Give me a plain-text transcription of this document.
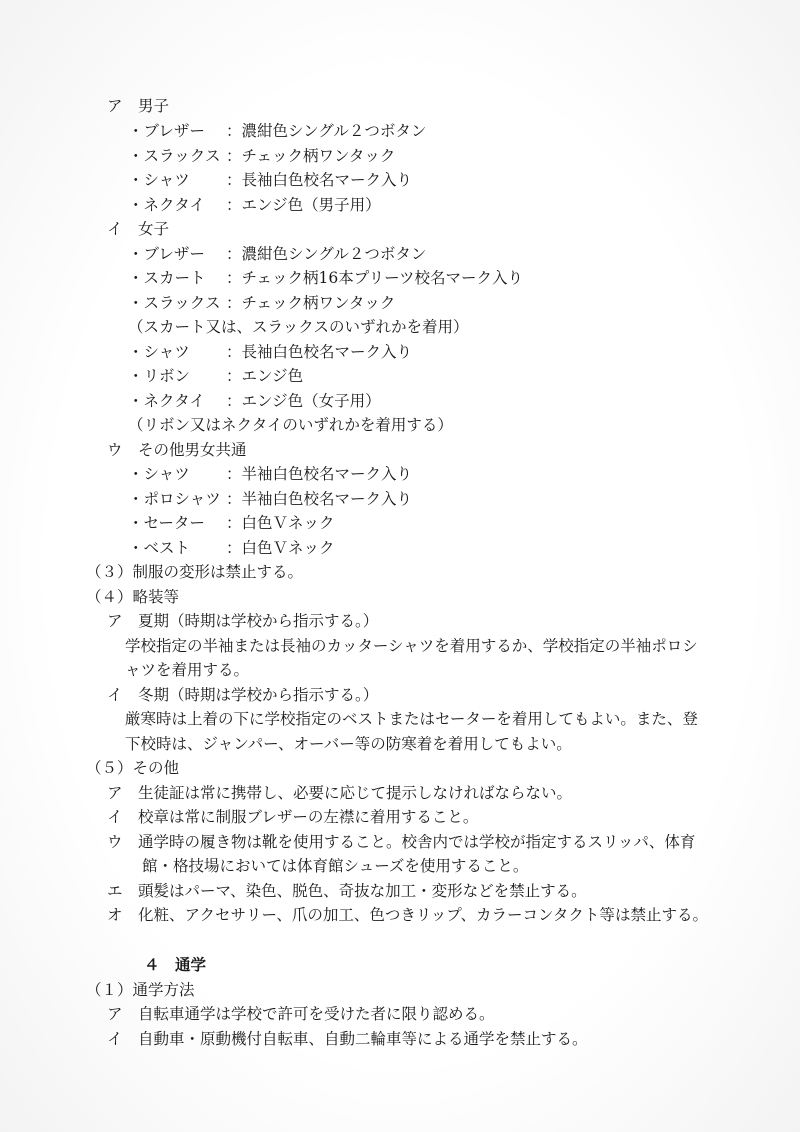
ア　男子
・ブレザー ：濃紺色シングル２つボタン
・スラックス ：チェック柄ワンタック
・シャツ ：長袖白色校名マーク入り
・ネクタイ ：エンジ色（男子用）
イ　女子
・ブレザー ：濃紺色シングル２つボタン
・スカート ：チェック柄16本プリーツ校名マーク入り
・スラックス ：チェック柄ワンタック
（スカート又は、スラックスのいずれかを着用）
・シャツ ：長袖白色校名マーク入り
・リボン ：エンジ色
・ネクタイ ：エンジ色（女子用）
（リボン又はネクタイのいずれかを着用する）
ウ　その他男女共通
・シャツ ：半袖白色校名マーク入り
・ポロシャツ ：半袖白色校名マーク入り
・セーター ：白色Ｖネック
・ベスト ：白色Ｖネック
（３）制服の変形は禁止する。
（４）略装等
ア　夏期（時期は学校から指示する。）
学校指定の半袖または長袖のカッターシャツを着用するか、学校指定の半袖ポロシ
ャツを着用する。
イ　冬期（時期は学校から指示する。）
厳寒時は上着の下に学校指定のベストまたはセーターを着用してもよい。また、登
下校時は、ジャンパー、オーバー等の防寒着を着用してもよい。
（５）その他
ア　生徒証は常に携帯し、必要に応じて提示しなければならない。
イ　校章は常に制服ブレザーの左襟に着用すること。
ウ　通学時の履き物は靴を使用すること。校舎内では学校が指定するスリッパ、体育
館・格技場においては体育館シューズを使用すること。
エ　頭髪はパーマ、染色、脱色、奇抜な加工・変形などを禁止する。
オ　化粧、アクセサリー、爪の加工、色つきリップ、カラーコンタクト等は禁止する。
４　通学
（１）通学方法
ア　自転車通学は学校で許可を受けた者に限り認める。
イ　自動車・原動機付自転車、自動二輪車等による通学を禁止する。
